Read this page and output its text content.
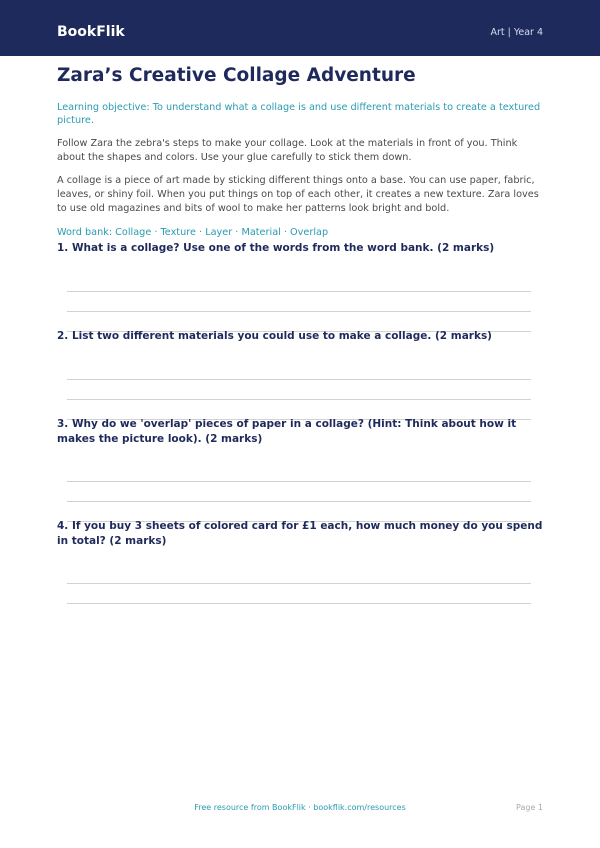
BookFlik	Art | Year 4
Zara’s Creative Collage Adventure

Learning objective: To understand what a collage is and use different materials to create a textured picture.

Follow Zara the zebra's steps to make your collage. Look at the materials in front of you. Think about the shapes and colors. Use your glue carefully to stick them down.

A collage is a piece of art made by sticking different things onto a base. You can use paper, fabric, leaves, or shiny foil. When you put things on top of each other, it creates a new texture. Zara loves to use old magazines and bits of wool to make her patterns look bright and bold.

Word bank: Collage · Texture · Layer · Material · Overlap

1. What is a collage? Use one of the words from the word bank. (2 marks)
2. List two different materials you could use to make a collage. (2 marks)
3. Why do we 'overlap' pieces of paper in a collage? (Hint: Think about how it makes the picture look). (2 marks)
4. If you buy 3 sheets of colored card for £1 each, how much money do you spend in total? (2 marks)
Free resource from BookFlik · bookflik.com/resources	Page 1
